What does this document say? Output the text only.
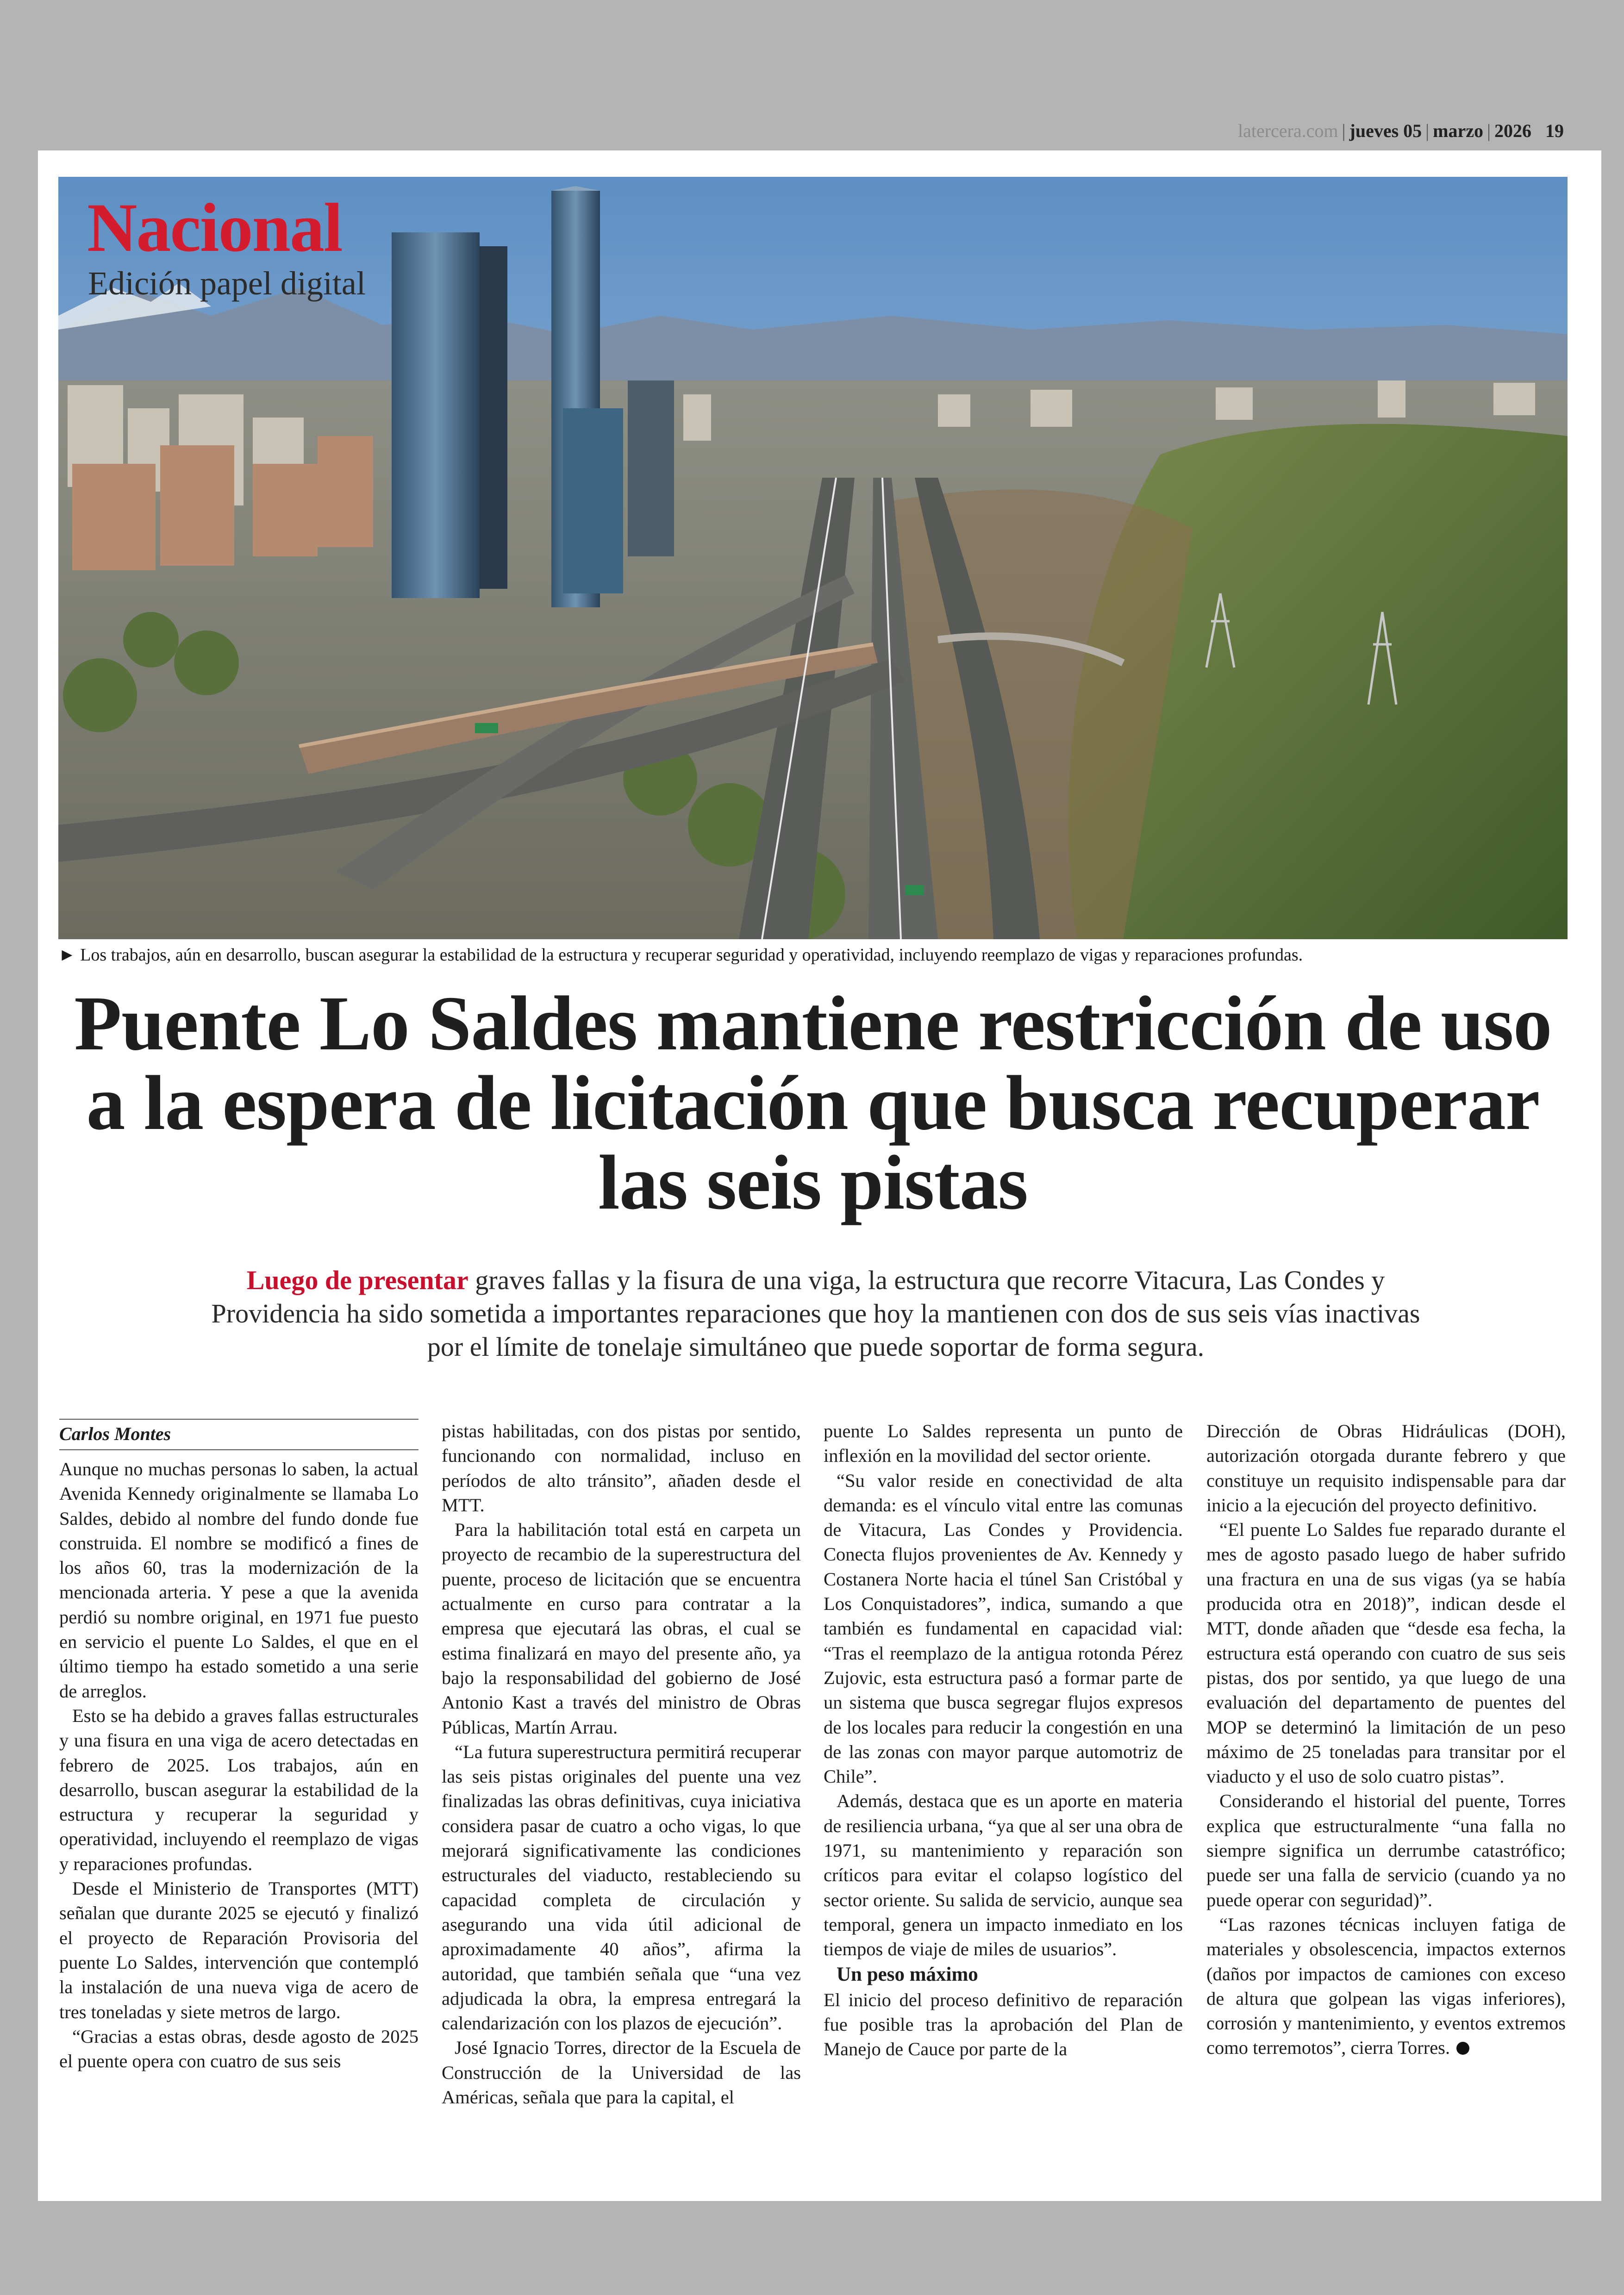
latercera.com | jueves 05 | marzo | 2026 19
Nacional
Edición papel digital
► Los trabajos, aún en desarrollo, buscan asegurar la estabilidad de la estructura y recuperar seguridad y operatividad, incluyendo reemplazo de vigas y reparaciones profundas.
Puente Lo Saldes mantiene restricción de uso a la espera de licitación que busca recuperar las seis pistas
Luego de presentar graves fallas y la fisura de una viga, la estructura que recorre Vitacura, Las Condes y Providencia ha sido sometida a importantes reparaciones que hoy la mantienen con dos de sus seis vías inactivas por el límite de tonelaje simultáneo que puede soportar de forma segura.
Carlos Montes

Aunque no muchas personas lo saben, la actual Avenida Kennedy originalmente se llamaba Lo Saldes, debido al nombre del fundo donde fue construida. El nombre se modificó a fines de los años 60, tras la modernización de la mencionada arteria. Y pese a que la avenida perdió su nombre original, en 1971 fue puesto en servicio el puente Lo Saldes, el que en el último tiempo ha estado sometido a una serie de arreglos.

Esto se ha debido a graves fallas estructurales y una fisura en una viga de acero detectadas en febrero de 2025. Los trabajos, aún en desarrollo, buscan asegurar la estabilidad de la estructura y recuperar la seguridad y operatividad, incluyendo el reemplazo de vigas y reparaciones profundas.

Desde el Ministerio de Transportes (MTT) señalan que durante 2025 se ejecutó y finalizó el proyecto de Reparación Provisoria del puente Lo Saldes, intervención que contempló la instalación de una nueva viga de acero de tres toneladas y siete metros de largo.

“Gracias a estas obras, desde agosto de 2025 el puente opera con cuatro de sus seis

pistas habilitadas, con dos pistas por sentido, funcionando con normalidad, incluso en períodos de alto tránsito”, añaden desde el MTT.

Para la habilitación total está en carpeta un proyecto de recambio de la superestructura del puente, proceso de licitación que se encuentra actualmente en curso para contratar a la empresa que ejecutará las obras, el cual se estima finalizará en mayo del presente año, ya bajo la responsabilidad del gobierno de José Antonio Kast a través del ministro de Obras Públicas, Martín Arrau.

“La futura superestructura permitirá recuperar las seis pistas originales del puente una vez finalizadas las obras definitivas, cuya iniciativa considera pasar de cuatro a ocho vigas, lo que mejorará significativamente las condiciones estructurales del viaducto, restableciendo su capacidad completa de circulación y asegurando una vida útil adicional de aproximadamente 40 años”, afirma la autoridad, que también señala que “una vez adjudicada la obra, la empresa entregará la calendarización con los plazos de ejecución”.

José Ignacio Torres, director de la Escuela de Construcción de la Universidad de las Américas, señala que para la capital, el

puente Lo Saldes representa un punto de inflexión en la movilidad del sector oriente.

“Su valor reside en conectividad de alta demanda: es el vínculo vital entre las comunas de Vitacura, Las Condes y Providencia. Conecta flujos provenientes de Av. Kennedy y Costanera Norte hacia el túnel San Cristóbal y Los Conquistadores”, indica, sumando a que también es fundamental en capacidad vial: “Tras el reemplazo de la antigua rotonda Pérez Zujovic, esta estructura pasó a formar parte de un sistema que busca segregar flujos expresos de los locales para reducir la congestión en una de las zonas con mayor parque automotriz de Chile”.

Además, destaca que es un aporte en materia de resiliencia urbana, “ya que al ser una obra de 1971, su mantenimiento y reparación son críticos para evitar el colapso logístico del sector oriente. Su salida de servicio, aunque sea temporal, genera un impacto inmediato en los tiempos de viaje de miles de usuarios”.

Un peso máximo

El inicio del proceso definitivo de reparación fue posible tras la aprobación del Plan de Manejo de Cauce por parte de la

Dirección de Obras Hidráulicas (DOH), autorización otorgada durante febrero y que constituye un requisito indispensable para dar inicio a la ejecución del proyecto definitivo.

“El puente Lo Saldes fue reparado durante el mes de agosto pasado luego de haber sufrido una fractura en una de sus vigas (ya se había producida otra en 2018)”, indican desde el MTT, donde añaden que “desde esa fecha, la estructura está operando con cuatro de sus seis pistas, dos por sentido, ya que luego de una evaluación del departamento de puentes del MOP se determinó la limitación de un peso máximo de 25 toneladas para transitar por el viaducto y el uso de solo cuatro pistas”.

Considerando el historial del puente, Torres explica que estructuralmente “una falla no siempre significa un derrumbe catastrófico; puede ser una falla de servicio (cuando ya no puede operar con seguridad)”.

“Las razones técnicas incluyen fatiga de materiales y obsolescencia, impactos externos (daños por impactos de camiones con exceso de altura que golpean las vigas inferiores), corrosión y mantenimiento, y eventos extremos como terremotos”, cierra Torres.
